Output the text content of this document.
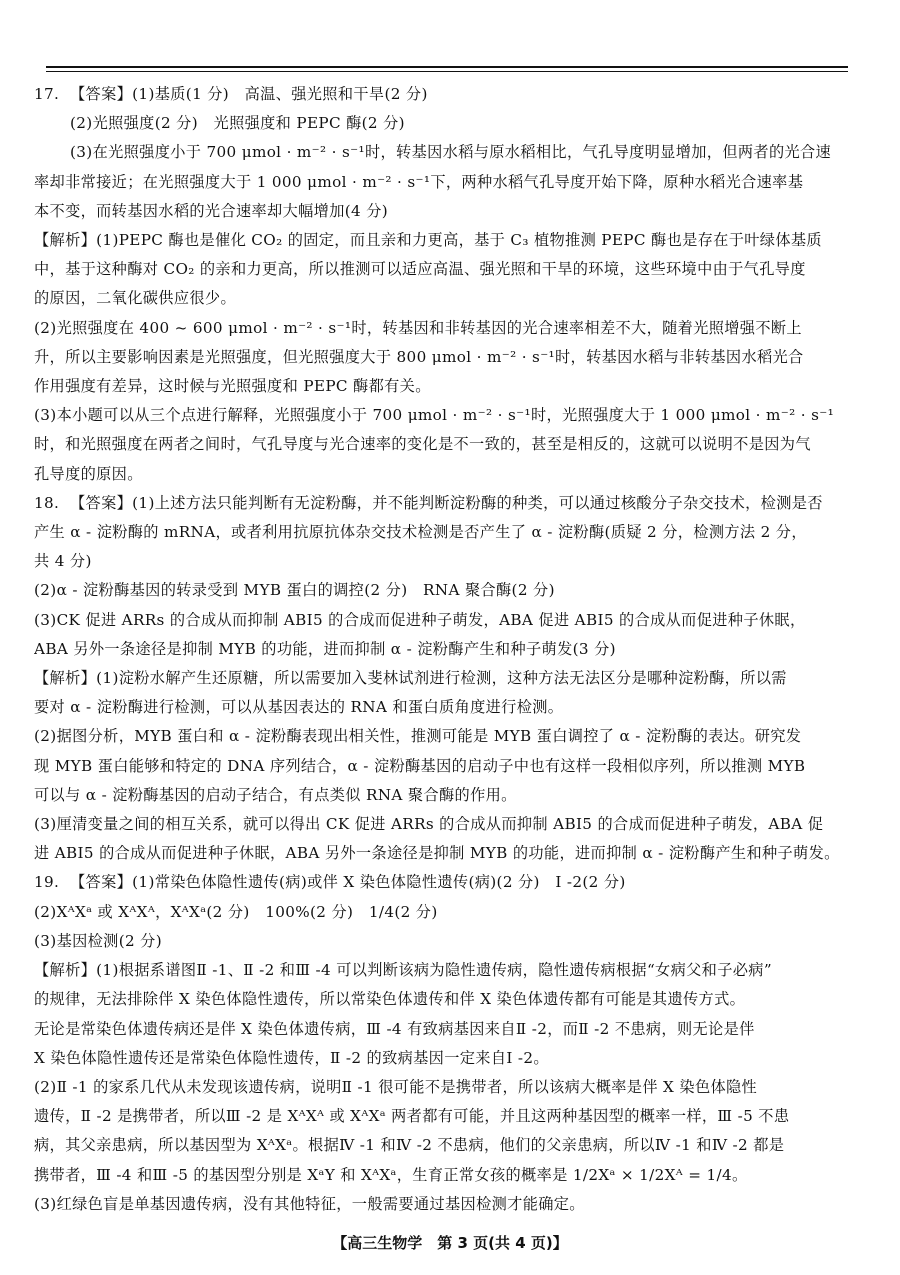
17. 【答案】(1)基质(1 分)　高温、强光照和干旱(2 分)
(2)光照强度(2 分)　光照强度和 PEPC 酶(2 分)
(3)在光照强度小于 700 μmol · m⁻² · s⁻¹时，转基因水稻与原水稻相比，气孔导度明显增加，但两者的光合速
率却非常接近；在光照强度大于 1 000 μmol · m⁻² · s⁻¹下，两种水稻气孔导度开始下降，原种水稻光合速率基
本不变，而转基因水稻的光合速率却大幅增加(4 分)
【解析】(1)PEPC 酶也是催化 CO₂ 的固定，而且亲和力更高，基于 C₃ 植物推测 PEPC 酶也是存在于叶绿体基质
中，基于这种酶对 CO₂ 的亲和力更高，所以推测可以适应高温、强光照和干旱的环境，这些环境中由于气孔导度
的原因，二氧化碳供应很少。
(2)光照强度在 400 ~ 600 μmol · m⁻² · s⁻¹时，转基因和非转基因的光合速率相差不大，随着光照增强不断上
升，所以主要影响因素是光照强度，但光照强度大于 800 μmol · m⁻² · s⁻¹时，转基因水稻与非转基因水稻光合
作用强度有差异，这时候与光照强度和 PEPC 酶都有关。
(3)本小题可以从三个点进行解释，光照强度小于 700 μmol · m⁻² · s⁻¹时，光照强度大于 1 000 μmol · m⁻² · s⁻¹
时，和光照强度在两者之间时，气孔导度与光合速率的变化是不一致的，甚至是相反的，这就可以说明不是因为气
孔导度的原因。
18. 【答案】(1)上述方法只能判断有无淀粉酶，并不能判断淀粉酶的种类，可以通过核酸分子杂交技术，检测是否
产生 α - 淀粉酶的 mRNA，或者利用抗原抗体杂交技术检测是否产生了 α - 淀粉酶(质疑 2 分，检测方法 2 分，
共 4 分)
(2)α - 淀粉酶基因的转录受到 MYB 蛋白的调控(2 分)　RNA 聚合酶(2 分)
(3)CK 促进 ARRs 的合成从而抑制 ABI5 的合成而促进种子萌发，ABA 促进 ABI5 的合成从而促进种子休眠，
ABA 另外一条途径是抑制 MYB 的功能，进而抑制 α - 淀粉酶产生和种子萌发(3 分)
【解析】(1)淀粉水解产生还原糖，所以需要加入斐林试剂进行检测，这种方法无法区分是哪种淀粉酶，所以需
要对 α - 淀粉酶进行检测，可以从基因表达的 RNA 和蛋白质角度进行检测。
(2)据图分析，MYB 蛋白和 α - 淀粉酶表现出相关性，推测可能是 MYB 蛋白调控了 α - 淀粉酶的表达。研究发
现 MYB 蛋白能够和特定的 DNA 序列结合，α - 淀粉酶基因的启动子中也有这样一段相似序列，所以推测 MYB
可以与 α - 淀粉酶基因的启动子结合，有点类似 RNA 聚合酶的作用。
(3)厘清变量之间的相互关系，就可以得出 CK 促进 ARRs 的合成从而抑制 ABI5 的合成而促进种子萌发，ABA 促
进 ABI5 的合成从而促进种子休眠，ABA 另外一条途径是抑制 MYB 的功能，进而抑制 α - 淀粉酶产生和种子萌发。
19. 【答案】(1)常染色体隐性遗传(病)或伴 X 染色体隐性遗传(病)(2 分)　Ⅰ -2(2 分)
(2)XᴬXᵃ 或 XᴬXᴬ，XᴬXᵃ(2 分)　100%(2 分)　1/4(2 分)
(3)基因检测(2 分)
【解析】(1)根据系谱图Ⅱ -1、Ⅱ -2 和Ⅲ -4 可以判断该病为隐性遗传病，隐性遗传病根据“女病父和子必病”
的规律，无法排除伴 X 染色体隐性遗传，所以常染色体遗传和伴 X 染色体遗传都有可能是其遗传方式。
无论是常染色体遗传病还是伴 X 染色体遗传病，Ⅲ -4 有致病基因来自Ⅱ -2，而Ⅱ -2 不患病，则无论是伴
X 染色体隐性遗传还是常染色体隐性遗传，Ⅱ -2 的致病基因一定来自Ⅰ -2。
(2)Ⅱ -1 的家系几代从未发现该遗传病，说明Ⅱ -1 很可能不是携带者，所以该病大概率是伴 X 染色体隐性
遗传，Ⅱ -2 是携带者，所以Ⅲ -2 是 XᴬXᴬ 或 XᴬXᵃ 两者都有可能，并且这两种基因型的概率一样，Ⅲ -5 不患
病，其父亲患病，所以基因型为 XᴬXᵃ。根据Ⅳ -1 和Ⅳ -2 不患病，他们的父亲患病，所以Ⅳ -1 和Ⅳ -2 都是
携带者，Ⅲ -4 和Ⅲ -5 的基因型分别是 XᵃY 和 XᴬXᵃ，生育正常女孩的概率是 1/2Xᵃ × 1/2Xᴬ = 1/4。
(3)红绿色盲是单基因遗传病，没有其他特征，一般需要通过基因检测才能确定。
【高三生物学　第 3 页(共 4 页)】
